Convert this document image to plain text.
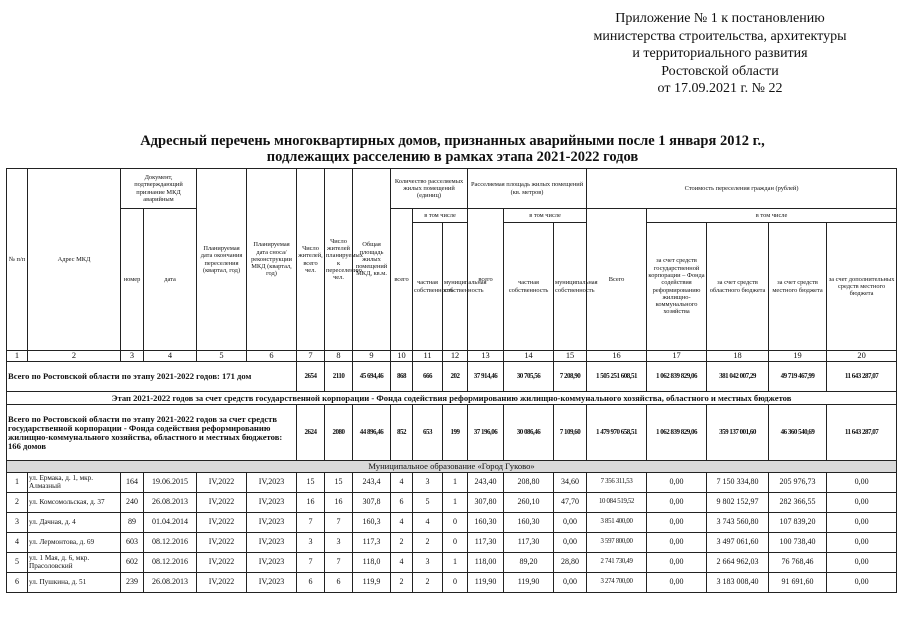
Приложение № 1 к постановлению
министерства строительства, архитектуры
и территориального развития
Ростовской области
от 17.09.2021 г. № 22
Адресный перечень многоквартирных домов, признанных аварийными после 1 января 2012 г.,
подлежащих расселению в рамках этапа 2021-2022 годов
№ п/п	Адрес МКД	Документ, подтверждающий признание МКД аварийным		Планируемая дата окончания переселения (квартал, год)	Планируемая дата сноса/реконструкции МКД (квартал, год)	Число жителей, всего чел.	Число жителей планируемых к переселению, чел.	Общая площадь жилых помещений МКД, кв.м.	Количество расселяемых жилых помещений (единиц)			Расселяемая площадь жилых помещений (кв. метров)			Стоимость переселения граждан (рублей)				
		номер	дата						всего	в том числе		всего	в том числе		Всего	в том числе			
										частная собственность	муниципальная собственность		частная собственность	муниципальная собственность		за счет средств государственной корпорации – Фонда содействия реформированию жилищно-коммунального хозяйства	за счет средств областного бюджета	за счет средств местного бюджета	за счет дополнительных средств местного бюджета
1	2	3	4	5	6	7	8	9	10	11	12	13	14	15	16	17	18	19	20
Всего по Ростовской области по этапу 2021-2022 годов: 171 дом						2654	2110	45 694,46	868	666	202	37 914,46	30 705,56	7 208,90	1 505 251 608,51	1 062 839 829,06	381 042 007,29	49 719 467,99	11 643 287,07
Этап 2021-2022 годов за счет средств государственной корпорации - Фонда содействия реформированию жилищно-коммунального хозяйства, областного и местных бюджетов																			
Всего по Ростовской области по этапу 2021-2022 годов за счет средств государственной корпорации - Фонда содействия реформированию жилищно-коммунального хозяйства, областного и местных бюджетов: 166 домов						2624	2080	44 896,46	852	653	199	37 196,06	30 086,46	7 109,60	1 479 970 658,51	1 062 839 829,06	359 137 001,60	46 360 540,69	11 643 287,07
Муниципальное образование «Город Гуково»																			
1	ул. Ермака, д. 1, мкр. Алмазный	164	19.06.2015	IV,2022	IV,2023	15	15	243,4	4	3	1	243,40	208,80	34,60	7 356 311,53	0,00	7 150 334,80	205 976,73	0,00
2	ул. Комсомольская, д. 37	240	26.08.2013	IV,2022	IV,2023	16	16	307,8	6	5	1	307,80	260,10	47,70	10 084 519,52	0,00	9 802 152,97	282 366,55	0,00
3	ул. Дачная, д. 4	89	01.04.2014	IV,2022	IV,2023	7	7	160,3	4	4	0	160,30	160,30	0,00	3 851 400,00	0,00	3 743 560,80	107 839,20	0,00
4	ул. Лермонтова, д. 69	603	08.12.2016	IV,2022	IV,2023	3	3	117,3	2	2	0	117,30	117,30	0,00	3 597 800,00	0,00	3 497 061,60	100 738,40	0,00
5	ул. 1 Мая, д. 6, мкр. Прасоловский	602	08.12.2016	IV,2022	IV,2023	7	7	118,0	4	3	1	118,00	89,20	28,80	2 741 730,49	0,00	2 664 962,03	76 768,46	0,00
6	ул. Пушкина, д. 51	239	26.08.2013	IV,2022	IV,2023	6	6	119,9	2	2	0	119,90	119,90	0,00	3 274 700,00	0,00	3 183 008,40	91 691,60	0,00
